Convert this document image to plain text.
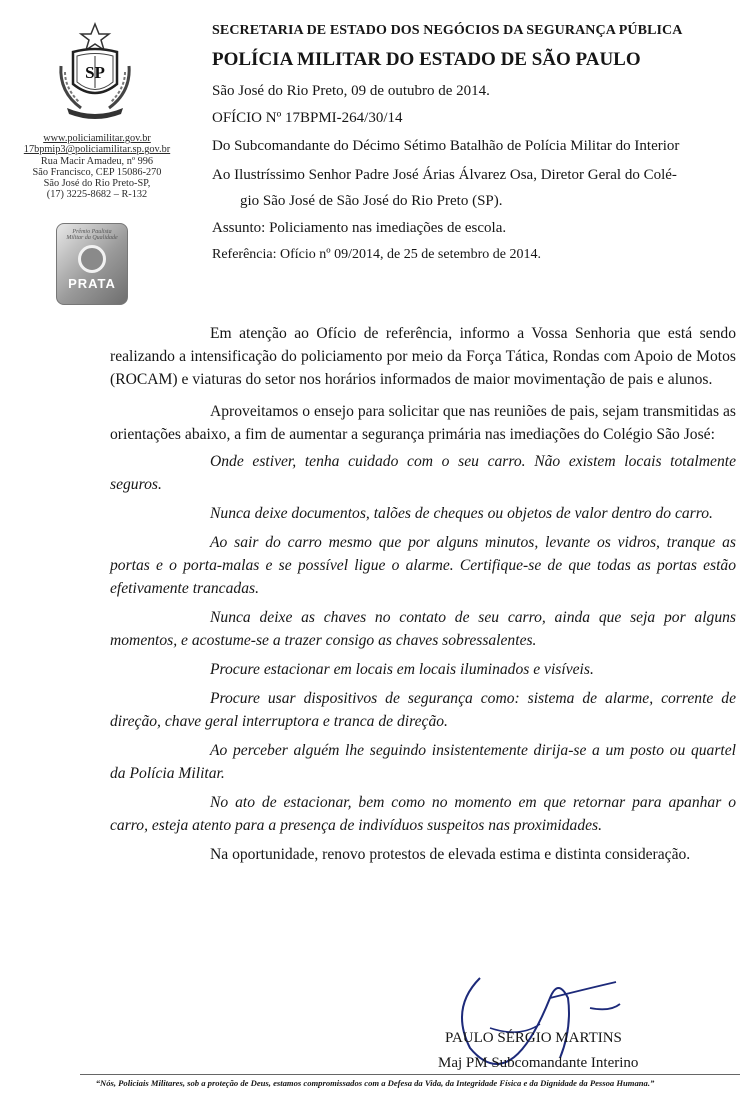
SP
www.policiamilitar.gov.br
17bpmip3@policiamilitar.sp.gov.br
Rua Macir Amadeu, nº 996
São Francisco, CEP 15086-270
São José do Rio Preto-SP,
(17) 3225-8682 – R-132
Prêmio Paulista
Militar da Qualidade
PRATA
SECRETARIA DE ESTADO DOS NEGÓCIOS DA SEGURANÇA PÚBLICA
POLÍCIA MILITAR DO ESTADO DE SÃO PAULO
São José do Rio Preto, 09 de outubro de 2014.
OFÍCIO Nº 17BPMI-264/30/14
Do Subcomandante do Décimo Sétimo Batalhão de Polícia Militar do Interior
Ao Ilustríssimo Senhor Padre José Árias Álvarez Osa, Diretor Geral do Colé-
gio São José de São José do Rio Preto (SP).
Assunto: Policiamento nas imediações de escola.
Referência: Ofício nº 09/2014, de 25 de setembro de 2014.

Em atenção ao Ofício de referência, informo a Vossa Senhoria que está sendo realizando a intensificação do policiamento por meio da Força Tática, Rondas com Apoio de Motos (ROCAM) e viaturas do setor nos horários informados de maior movimentação de pais e alunos.

Aproveitamos o ensejo para solicitar que nas reuniões de pais, sejam transmitidas as orientações abaixo, a fim de aumentar a segurança primária nas imediações do Colégio São José:

Onde estiver, tenha cuidado com o seu carro. Não existem locais totalmente seguros.

Nunca deixe documentos, talões de cheques ou objetos de valor dentro do carro.

Ao sair do carro mesmo que por alguns minutos, levante os vidros, tranque as portas e o porta-malas e se possível ligue o alarme. Certifique-se de que todas as portas estão efetivamente trancadas.

Nunca deixe as chaves no contato de seu carro, ainda que seja por alguns momentos, e acostume-se a trazer consigo as chaves sobressalentes.

Procure estacionar em locais em locais iluminados e visíveis.

Procure usar dispositivos de segurança como: sistema de alarme, corrente de direção, chave geral interruptora e tranca de direção.

Ao perceber alguém lhe seguindo insistentemente dirija-se a um posto ou quartel da Polícia Militar.

No ato de estacionar, bem como no momento em que retornar para apanhar o carro, esteja atento para a presença de indivíduos suspeitos nas proximidades.

Na oportunidade, renovo protestos de elevada estima e distinta consideração.

PAULO SÉRGIO MARTINS
Maj PM Subcomandante Interino
“Nós, Policiais Militares, sob a proteção de Deus, estamos compromissados com a Defesa da Vida, da Integridade Física e da Dignidade da Pessoa Humana.”
